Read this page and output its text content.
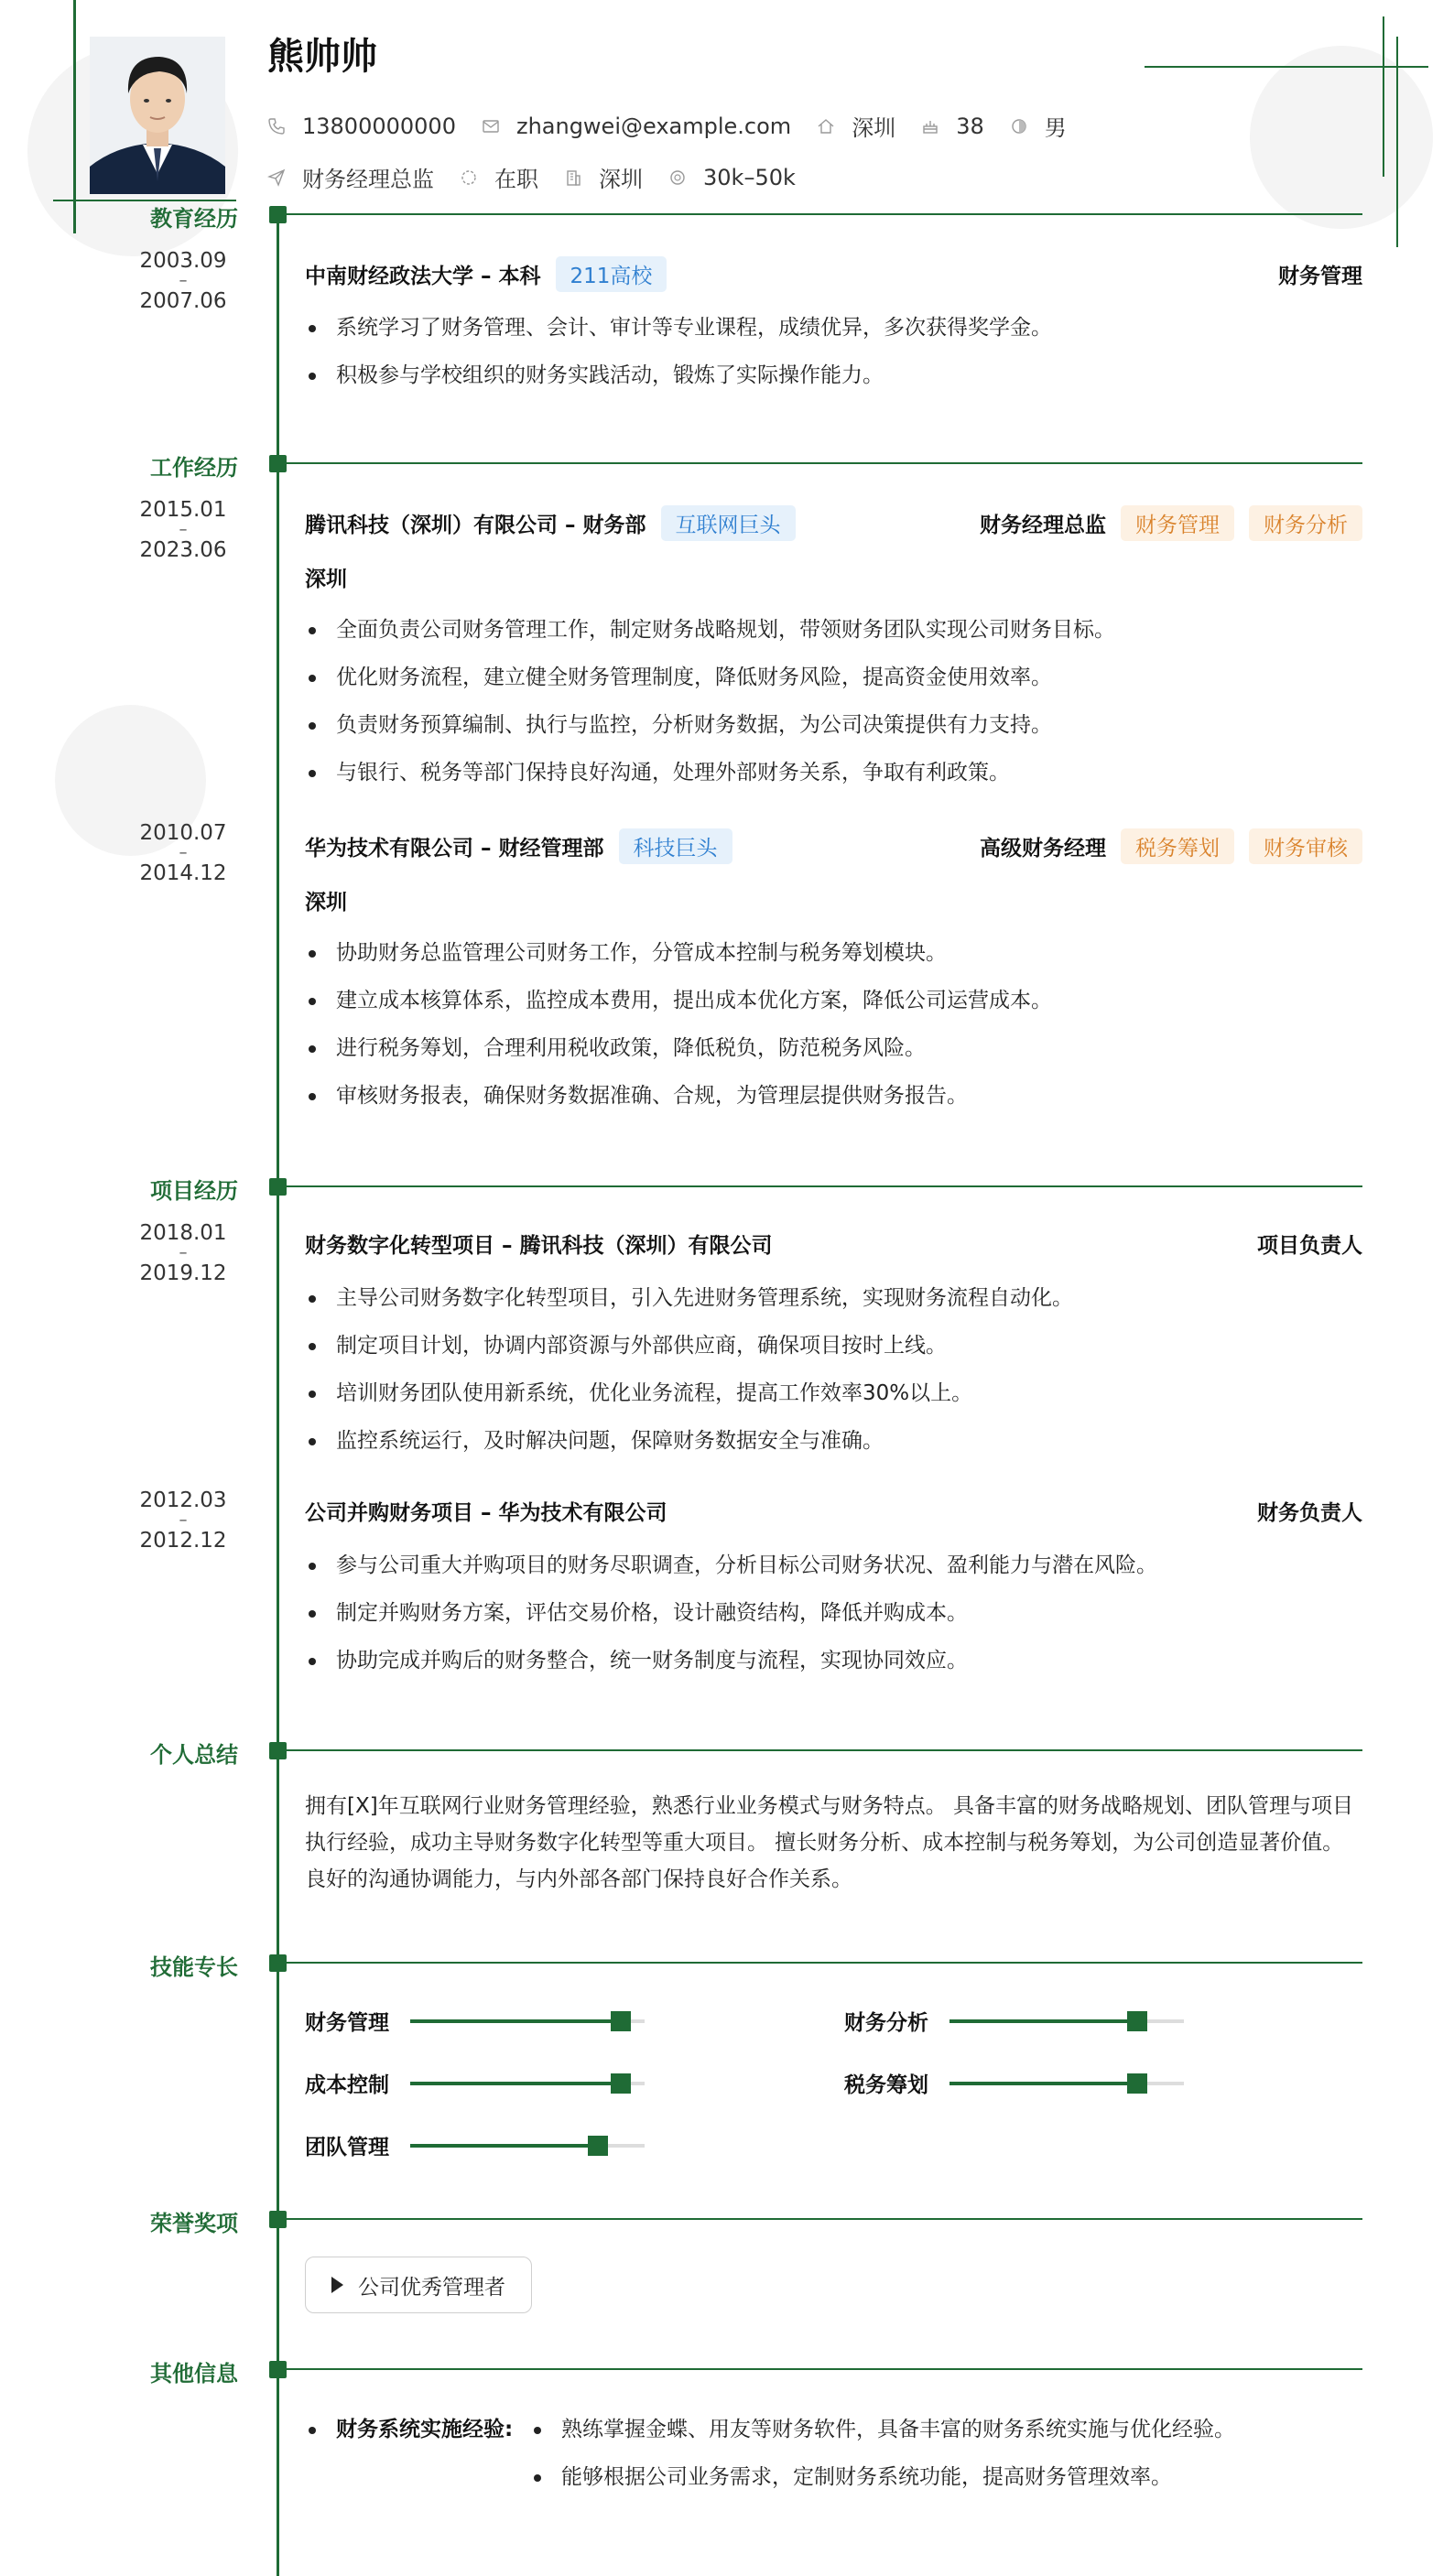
熊帅帅
13800000000	zhangwei@example.com	深圳	38	男
财务经理总监	在职	深圳	30k–50k
教育经历
2003.09
–
2007.06
中南财经政法大学 – 本科	211高校	财务管理
系统学习了财务管理、会计、审计等专业课程，成绩优异，多次获得奖学金。
积极参与学校组织的财务实践活动，锻炼了实际操作能力。
工作经历
2015.01
–
2023.06
腾讯科技（深圳）有限公司 – 财务部	互联网巨头	财务经理总监	财务管理	财务分析
深圳
全面负责公司财务管理工作，制定财务战略规划，带领财务团队实现公司财务目标。
优化财务流程，建立健全财务管理制度，降低财务风险，提高资金使用效率。
负责财务预算编制、执行与监控，分析财务数据，为公司决策提供有力支持。
与银行、税务等部门保持良好沟通，处理外部财务关系，争取有利政策。
2010.07
–
2014.12
华为技术有限公司 – 财经管理部	科技巨头	高级财务经理	税务筹划	财务审核
深圳
协助财务总监管理公司财务工作，分管成本控制与税务筹划模块。
建立成本核算体系，监控成本费用，提出成本优化方案，降低公司运营成本。
进行税务筹划，合理利用税收政策，降低税负，防范税务风险。
审核财务报表，确保财务数据准确、合规，为管理层提供财务报告。
项目经历
2018.01
–
2019.12
财务数字化转型项目 – 腾讯科技（深圳）有限公司	项目负责人
主导公司财务数字化转型项目，引入先进财务管理系统，实现财务流程自动化。
制定项目计划，协调内部资源与外部供应商，确保项目按时上线。
培训财务团队使用新系统，优化业务流程，提高工作效率30%以上。
监控系统运行，及时解决问题，保障财务数据安全与准确。
2012.03
–
2012.12
公司并购财务项目 – 华为技术有限公司	财务负责人
参与公司重大并购项目的财务尽职调查，分析目标公司财务状况、盈利能力与潜在风险。
制定并购财务方案，评估交易价格，设计融资结构，降低并购成本。
协助完成并购后的财务整合，统一财务制度与流程，实现协同效应。
个人总结
拥有[X]年互联网行业财务管理经验，熟悉行业业务模式与财务特点。 具备丰富的财务战略规划、团队管理与项目执行经验，成功主导财务数字化转型等重大项目。 擅长财务分析、成本控制与税务筹划，为公司创造显著价值。 良好的沟通协调能力，与内外部各部门保持良好合作关系。
技能专长
财务管理	财务分析
成本控制	税务筹划
团队管理
荣誉奖项
公司优秀管理者
其他信息
财务系统实施经验: 熟练掌握金蝶、用友等财务软件，具备丰富的财务系统实施与优化经验。
能够根据公司业务需求，定制财务系统功能，提高财务管理效率。
